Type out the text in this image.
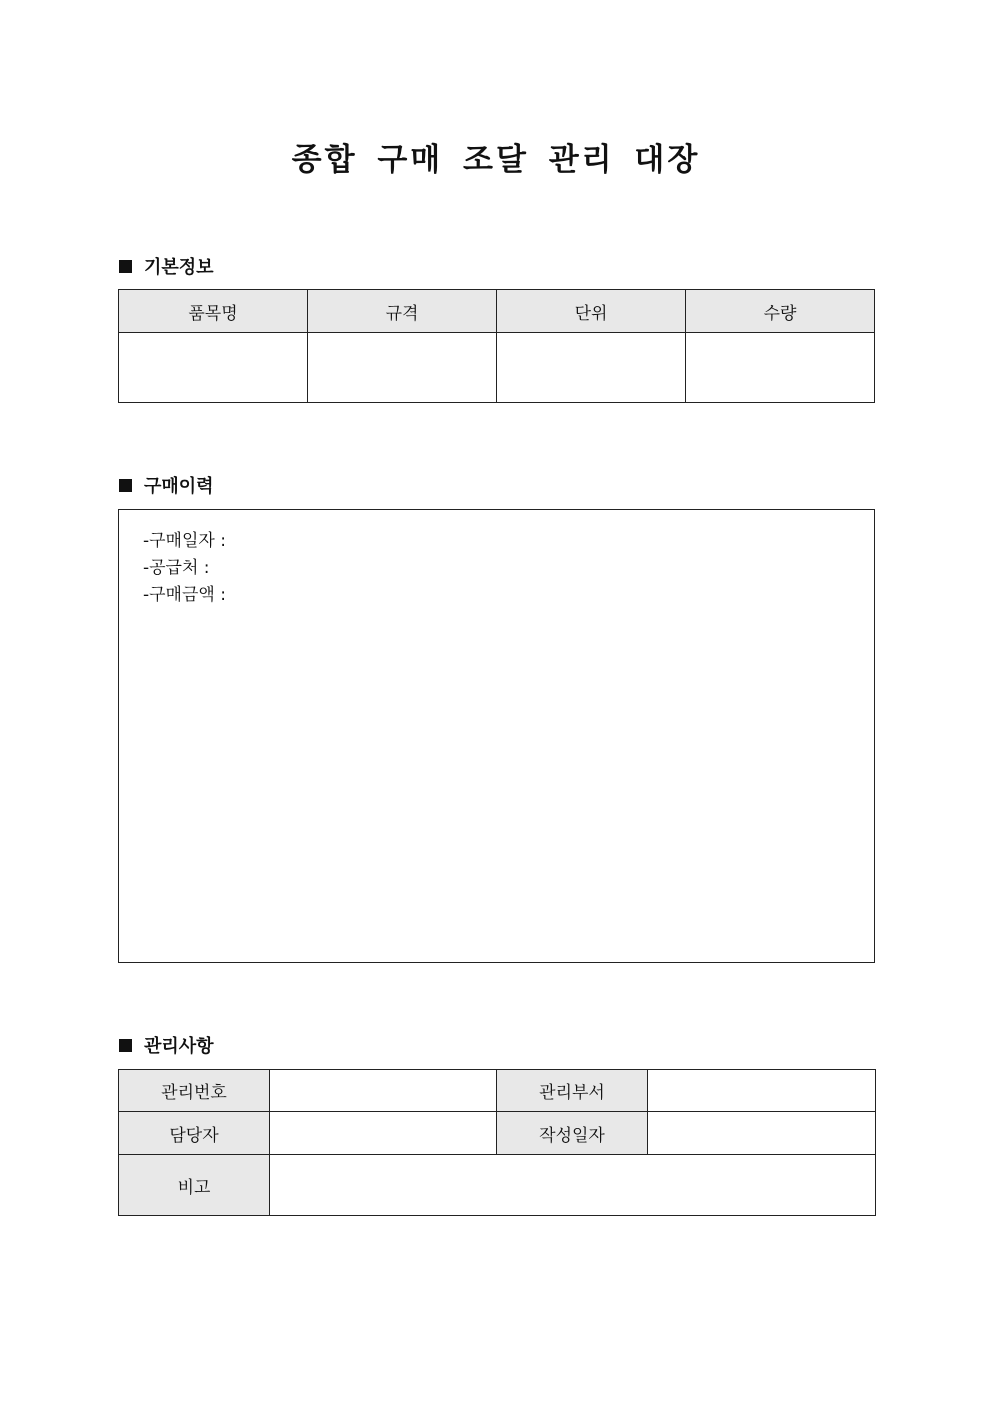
종합 구매 조달 관리 대장
기본정보
품목명	규격	단위	수량

구매이력
-구매일자 :
-공급처 :
-구매금액 :
관리사항
관리번호		관리부서	
담당자		작성일자	
비고			
